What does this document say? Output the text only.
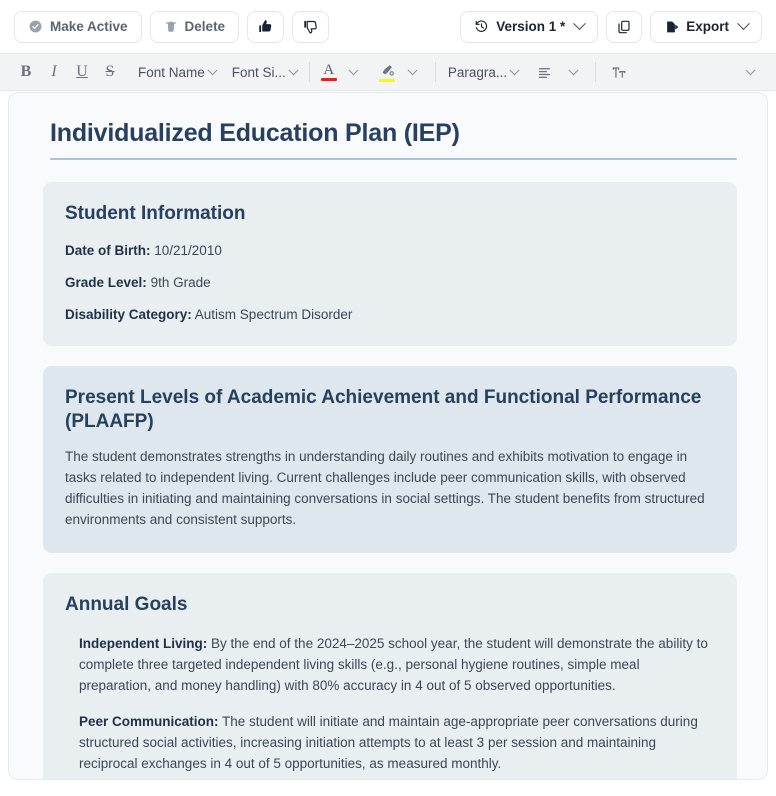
Make Active	Delete	Version 1 *	Export
B I U S Font Name Font Si...	A	Paragra...
Individualized Education Plan (IEP)
Student Information

Date of Birth: 10/21/2010

Grade Level: 9th Grade

Disability Category: Autism Spectrum Disorder

Present Levels of Academic Achievement and Functional Performance (PLAAFP)

The student demonstrates strengths in understanding daily routines and exhibits motivation to engage in tasks related to independent living. Current challenges include peer communication skills, with observed difficulties in initiating and maintaining conversations in social settings. The student benefits from structured environments and consistent supports.

Annual Goals

Independent Living: By the end of the 2024–2025 school year, the student will demonstrate the ability to complete three targeted independent living skills (e.g., personal hygiene routines, simple meal preparation, and money handling) with 80% accuracy in 4 out of 5 observed opportunities.

Peer Communication: The student will initiate and maintain age-appropriate peer conversations during structured social activities, increasing initiation attempts to at least 3 per session and maintaining reciprocal exchanges in 4 out of 5 opportunities, as measured monthly.
